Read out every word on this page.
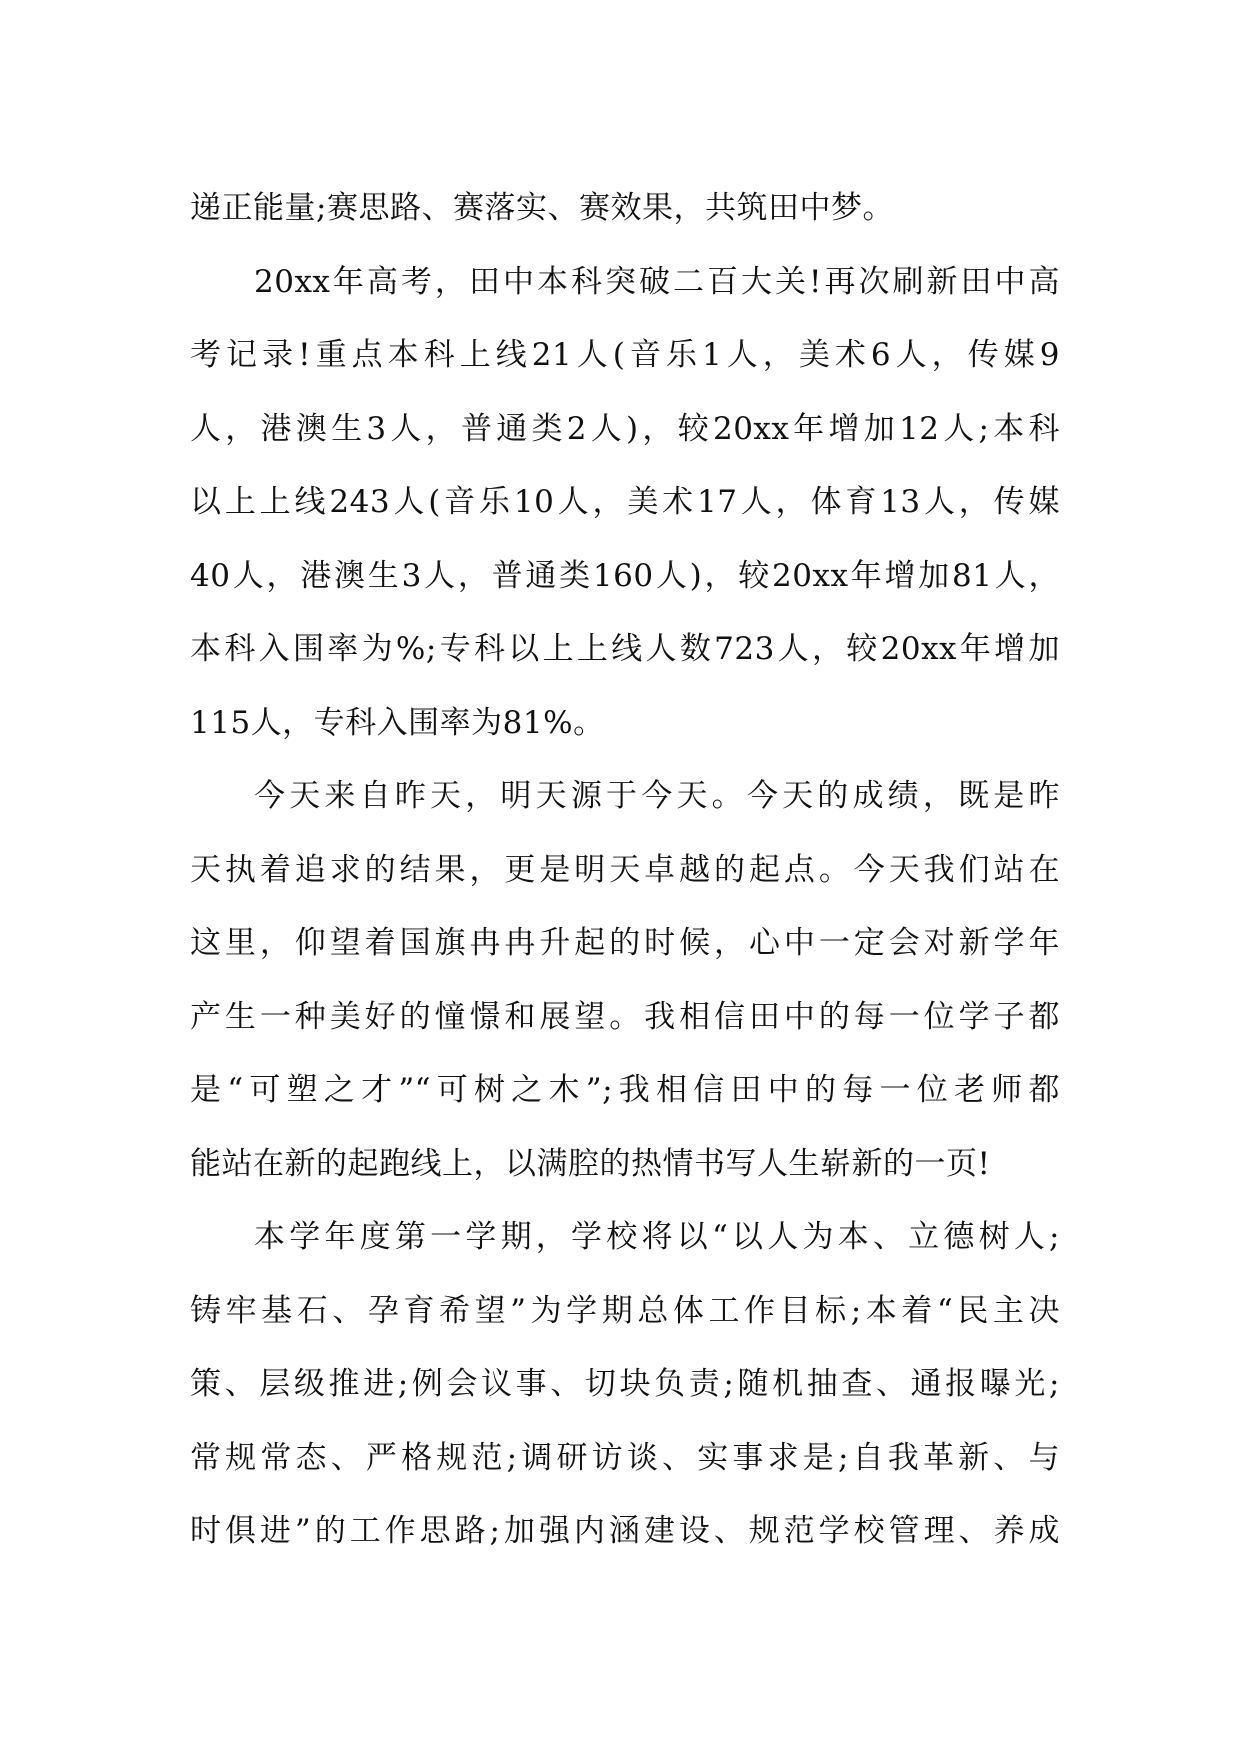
递正能量;赛思路、赛落实、赛效果，共筑田中梦。
20xx年高考，田中本科突破二百大关!再次刷新田中高
考记录!重点本科上线21人(音乐1人，美术6人，传媒9
人，港澳生3人，普通类2人)，较20xx年增加12人;本科
以上上线243人(音乐10人，美术17人，体育13人，传媒
40人，港澳生3人，普通类160人)，较20xx年增加81人，
本科入围率为%;专科以上上线人数723人，较20xx年增加
115人，专科入围率为81%。
今天来自昨天，明天源于今天。今天的成绩，既是昨
天执着追求的结果，更是明天卓越的起点。今天我们站在
这里，仰望着国旗冉冉升起的时候，心中一定会对新学年
产生一种美好的憧憬和展望。我相信田中的每一位学子都
是“可塑之才”“可树之木”;我相信田中的每一位老师都
能站在新的起跑线上，以满腔的热情书写人生崭新的一页!
本学年度第一学期，学校将以“以人为本、立德树人;
铸牢基石、孕育希望”为学期总体工作目标;本着“民主决
策、层级推进;例会议事、切块负责;随机抽查、通报曝光;
常规常态、严格规范;调研访谈、实事求是;自我革新、与
时俱进”的工作思路;加强内涵建设、规范学校管理、养成
